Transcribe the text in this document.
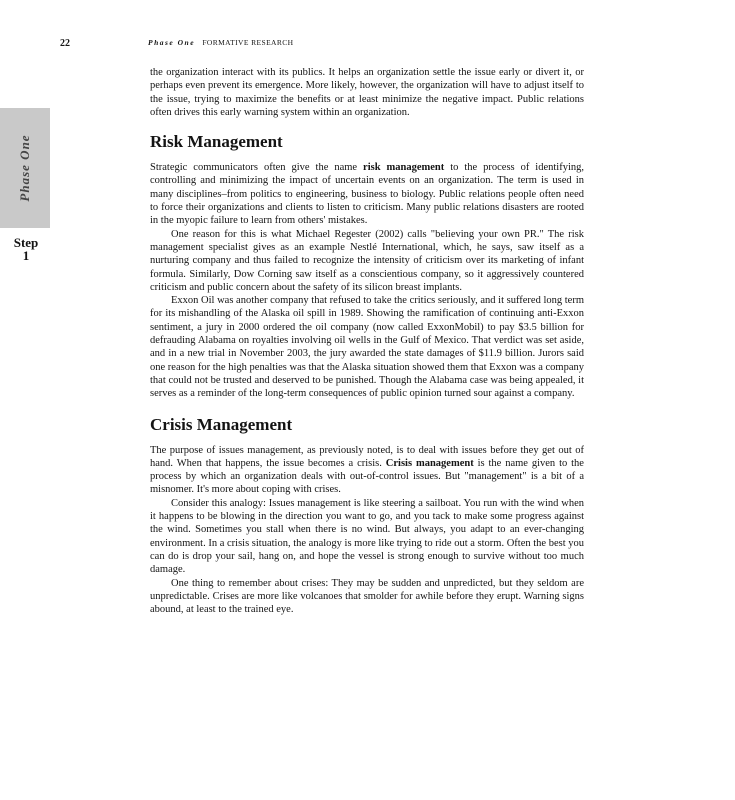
22	Phase One FORMATIVE RESEARCH
Phase One
Step
1

the organization interact with its publics. It helps an organization settle the issue early or divert it, or perhaps even prevent its emergence. More likely, however, the organization will have to adjust itself to the issue, trying to maximize the benefits or at least minimize the negative impact. Public relations often drives this early warning system within an organization.

Risk Management

Strategic communicators often give the name risk management to the process of identifying, controlling and minimizing the impact of uncertain events on an organization. The term is used in many disciplines–from politics to engineering, business to biology. Public relations people often need to force their organizations and clients to listen to criticism. Many public relations disasters are rooted in the myopic failure to learn from others' mistakes.

One reason for this is what Michael Regester (2002) calls "believing your own PR." The risk management specialist gives as an example Nestlé International, which, he says, saw itself as a nurturing company and thus failed to recognize the intensity of criticism over its marketing of infant formula. Similarly, Dow Corning saw itself as a conscientious company, so it aggressively countered criticism and public concern about the safety of its silicon breast implants.

Exxon Oil was another company that refused to take the critics seriously, and it suffered long term for its mishandling of the Alaska oil spill in 1989. Showing the ramification of continuing anti-Exxon sentiment, a jury in 2000 ordered the oil company (now called ExxonMobil) to pay $3.5 billion for defrauding Alabama on royalties involving oil wells in the Gulf of Mexico. That verdict was set aside, and in a new trial in November 2003, the jury awarded the state damages of $11.9 billion. Jurors said one reason for the high penalties was that the Alaska situation showed them that Exxon was a company that could not be trusted and deserved to be punished. Though the Alabama case was being appealed, it serves as a reminder of the long-term consequences of public opinion turned sour against a company.

Crisis Management

The purpose of issues management, as previously noted, is to deal with issues before they get out of hand. When that happens, the issue becomes a crisis. Crisis management is the name given to the process by which an organization deals with out-of-control issues. But "management" is a bit of a misnomer. It's more about coping with crises.

Consider this analogy: Issues management is like steering a sailboat. You run with the wind when it happens to be blowing in the direction you want to go, and you tack to make some progress against the wind. Sometimes you stall when there is no wind. But always, you adapt to an ever-changing environment. In a crisis situation, the analogy is more like trying to ride out a storm. Often the best you can do is drop your sail, hang on, and hope the vessel is strong enough to survive without too much damage.

One thing to remember about crises: They may be sudden and unpredicted, but they seldom are unpredictable. Crises are more like volcanoes that smolder for awhile before they erupt. Warning signs abound, at least to the trained eye.
